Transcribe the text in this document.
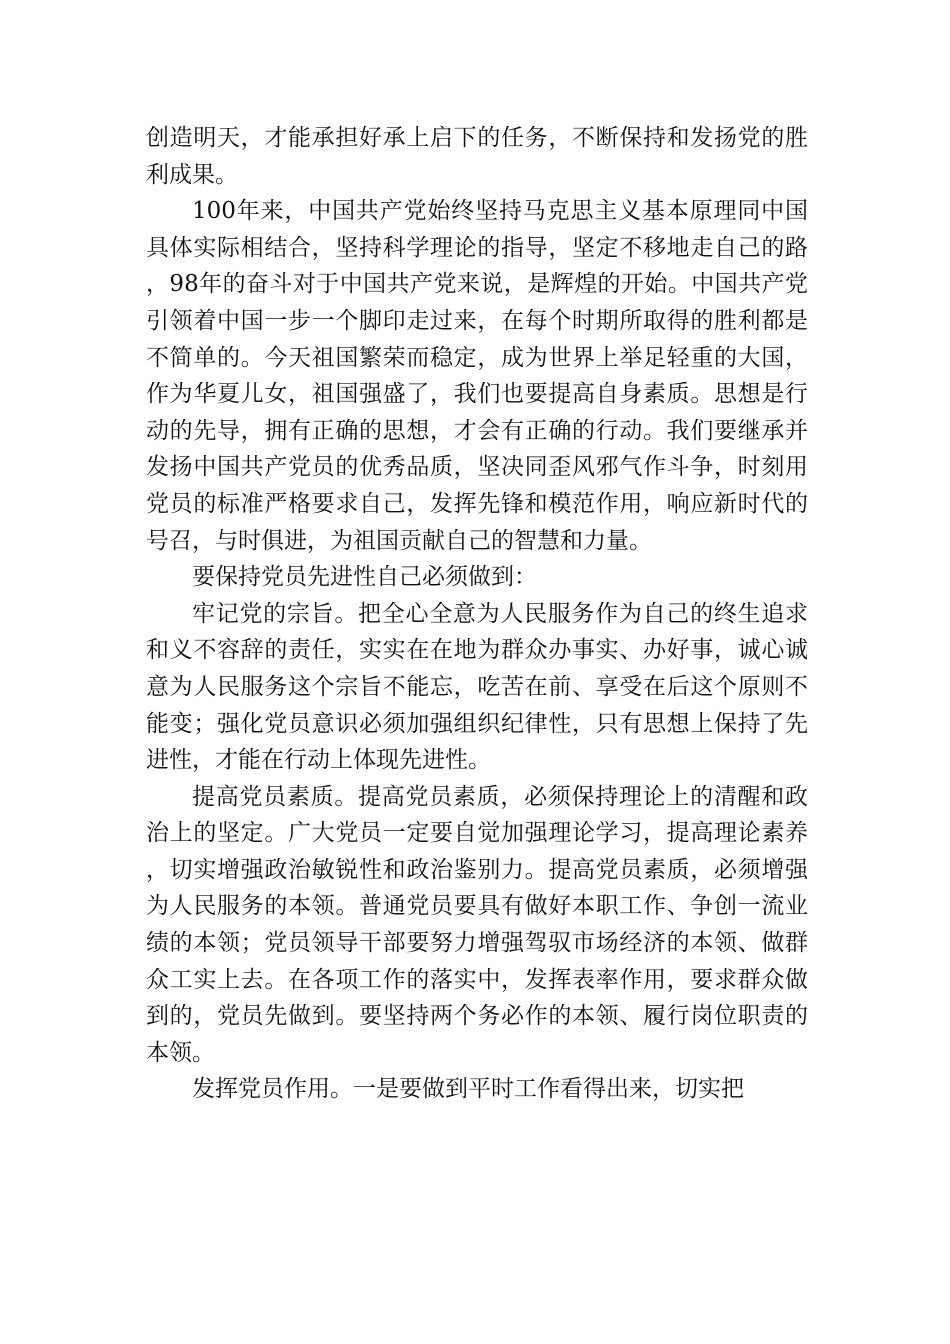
创造明天，才能承担好承上启下的任务，不断保持和发扬党的胜利成果。

100年来，中国共产党始终坚持马克思主义基本原理同中国具体实际相结合，坚持科学理论的指导，坚定不移地走自己的路，98年的奋斗对于中国共产党来说，是辉煌的开始。中国共产党引领着中国一步一个脚印走过来，在每个时期所取得的胜利都是不简单的。今天祖国繁荣而稳定，成为世界上举足轻重的大国，作为华夏儿女，祖国强盛了，我们也要提高自身素质。思想是行动的先导，拥有正确的思想，才会有正确的行动。我们要继承并发扬中国共产党员的优秀品质，坚决同歪风邪气作斗争，时刻用党员的标准严格要求自己，发挥先锋和模范作用，响应新时代的号召，与时俱进，为祖国贡献自己的智慧和力量。

要保持党员先进性自己必须做到：

牢记党的宗旨。把全心全意为人民服务作为自己的终生追求和义不容辞的责任，实实在在地为群众办事实、办好事，诚心诚意为人民服务这个宗旨不能忘，吃苦在前、享受在后这个原则不能变；强化党员意识必须加强组织纪律性，只有思想上保持了先进性，才能在行动上体现先进性。

提高党员素质。提高党员素质，必须保持理论上的清醒和政治上的坚定。广大党员一定要自觉加强理论学习，提高理论素养，切实增强政治敏锐性和政治鉴别力。提高党员素质，必须增强为人民服务的本领。普通党员要具有做好本职工作、争创一流业绩的本领；党员领导干部要努力增强驾驭市场经济的本领、做群众工实上去。在各项工作的落实中，发挥表率作用，要求群众做到的，党员先做到。要坚持两个务必作的本领、履行岗位职责的本领。

发挥党员作用。一是要做到平时工作看得出来，切实把
